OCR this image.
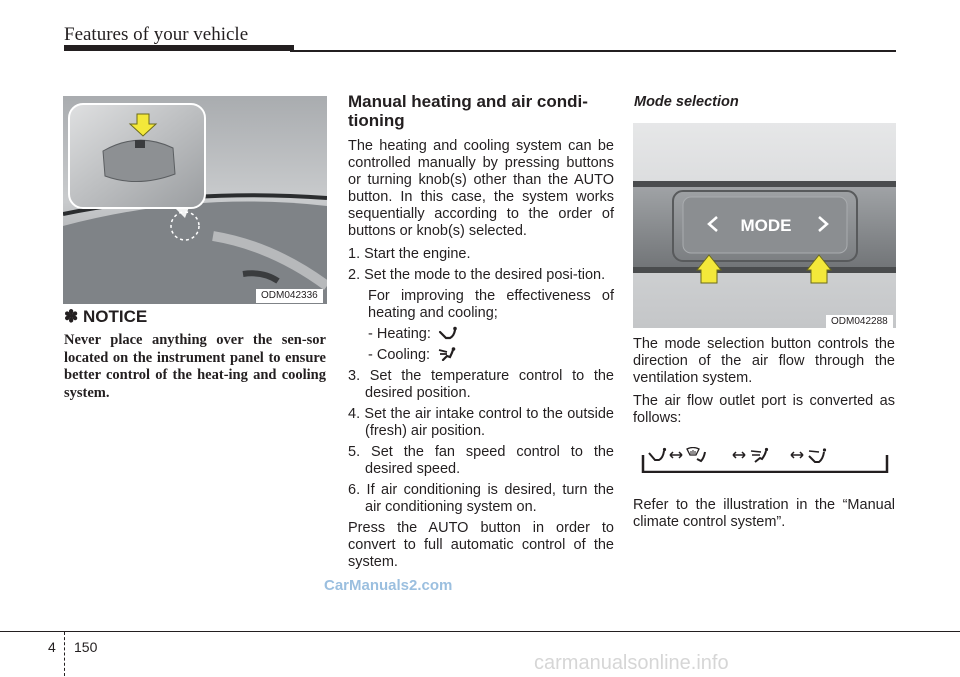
Features of your vehicle
ODM042336
✽ NOTICE
Never place anything over the sen-sor located on the instrument panel to ensure better control of the heat-ing and cooling system.
Manual heating and air condi-tioning
The heating and cooling system can be controlled manually by pressing buttons or turning knob(s) other than the AUTO button. In this case, the system works sequentially according to the order of buttons or knob(s) selected.
1. Start the engine.
2. Set the mode to the desired posi-tion.
For improving the effectiveness of heating and cooling;
- Heating:
- Cooling:
3. Set the temperature control to the desired position.
4. Set the air intake control to the outside (fresh) air position.
5. Set the fan speed control to the desired speed.
6. If air conditioning is desired, turn the air conditioning system on.
Press the AUTO button in order to convert to full automatic control of the system.
Mode selection
MODE
ODM042288
The mode selection button controls the direction of the air flow through the ventilation system.
The air flow outlet port is converted as follows:
Refer to the illustration in the “Manual climate control system”.
4 150
CarManuals2.com
carmanualsonline.info
